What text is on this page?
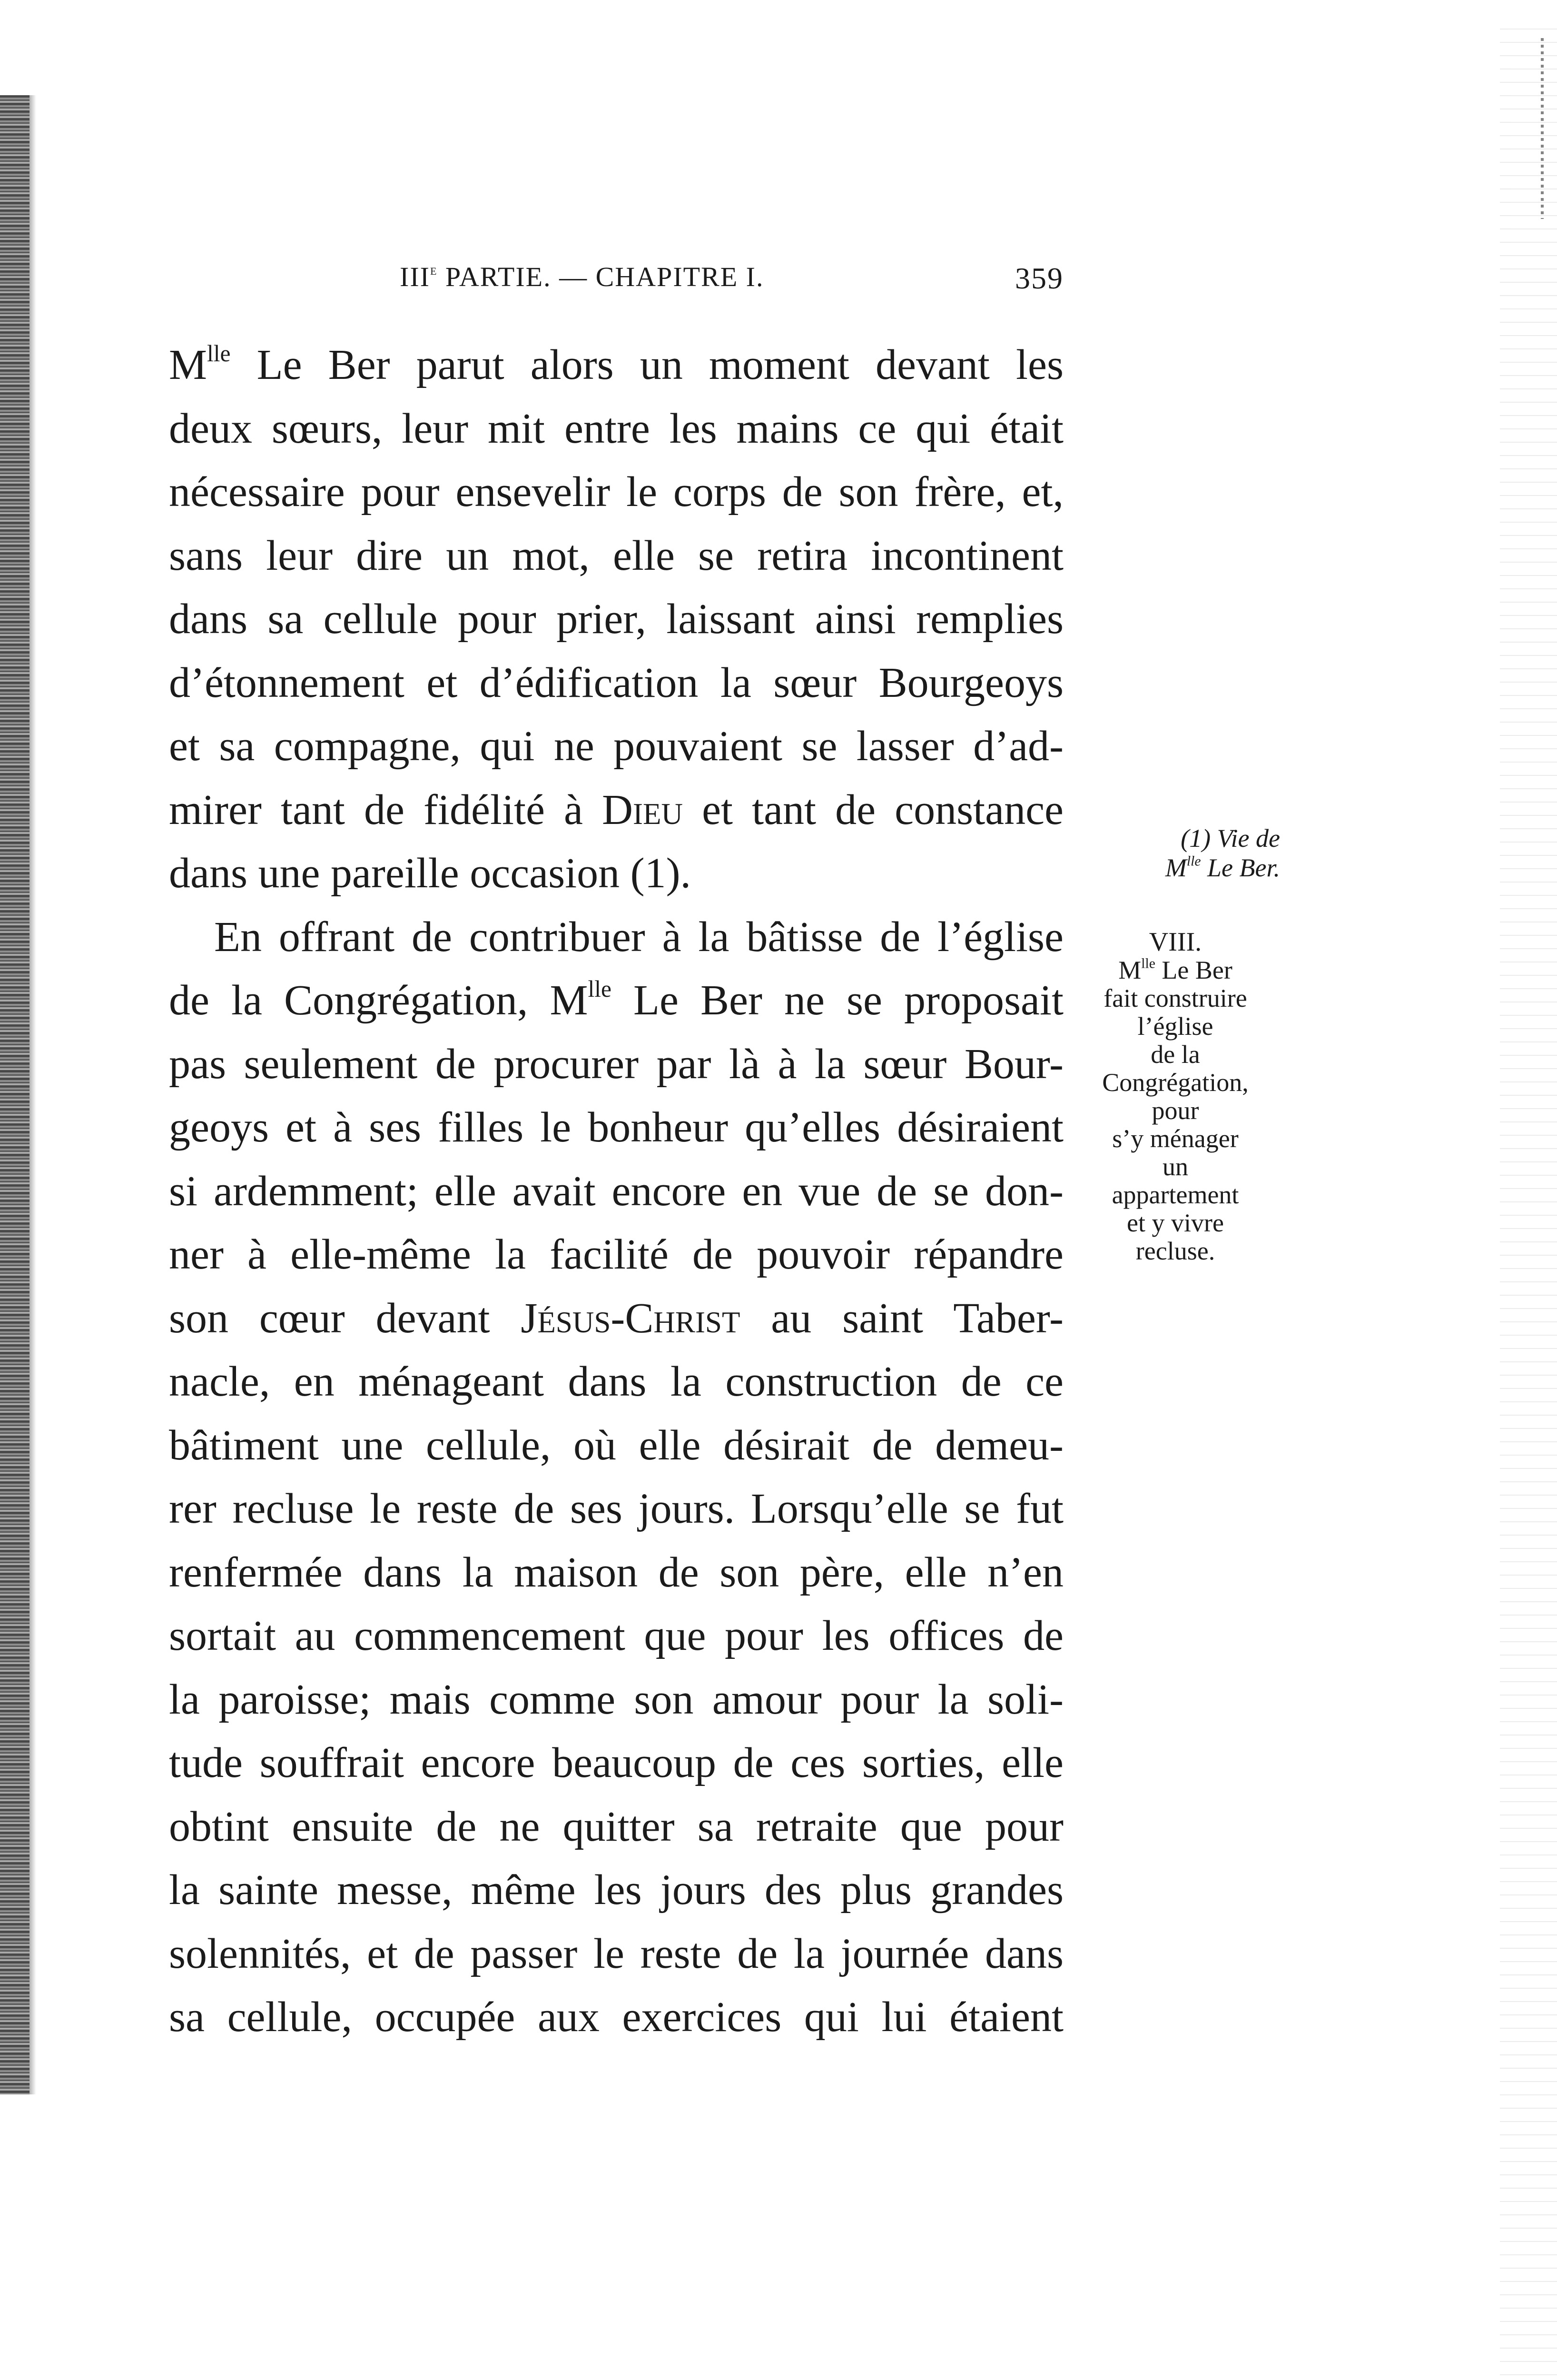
IIIe PARTIE. — CHAPITRE I.	359
$M^{lle}$ Le Ber parut alors un moment devant les
deux sœurs, leur mit entre les mains ce qui était
nécessaire pour ensevelir le corps de son frère, et,
sans leur dire un mot, elle se retira incontinent
dans sa cellule pour prier, laissant ainsi remplies
d’étonnement et d’édification la sœur Bourgeoys
et sa compagne, qui ne pouvaient se lasser d’ad-
mirer tant de fidélité à Dieu et tant de constance
dans une pareille occasion (1).
En offrant de contribuer à la bâtisse de l’église
de la Congrégation, $M^{lle}$ Le Ber ne se proposait
pas seulement de procurer par là à la sœur Bour-
geoys et à ses filles le bonheur qu’elles désiraient
si ardemment; elle avait encore en vue de se don-
ner à elle-même la facilité de pouvoir répandre
son cœur devant Jésus-Christ au saint Taber-
nacle, en ménageant dans la construction de ce
bâtiment une cellule, où elle désirait de demeu-
rer recluse le reste de ses jours. Lorsqu’elle se fut
renfermée dans la maison de son père, elle n’en
sortait au commencement que pour les offices de
la paroisse; mais comme son amour pour la soli-
tude souffrait encore beaucoup de ces sorties, elle
obtint ensuite de ne quitter sa retraite que pour
la sainte messe, même les jours des plus grandes
solennités, et de passer le reste de la journée dans
sa cellule, occupée aux exercices qui lui étaient
(1) Vie de
$M^{lle}$ Le Ber.
VIII.
$M^{lle}$ Le Ber
fait construire
l’église
de la
Congrégation,
pour
s’y ménager
un
appartement
et y vivre
recluse.
